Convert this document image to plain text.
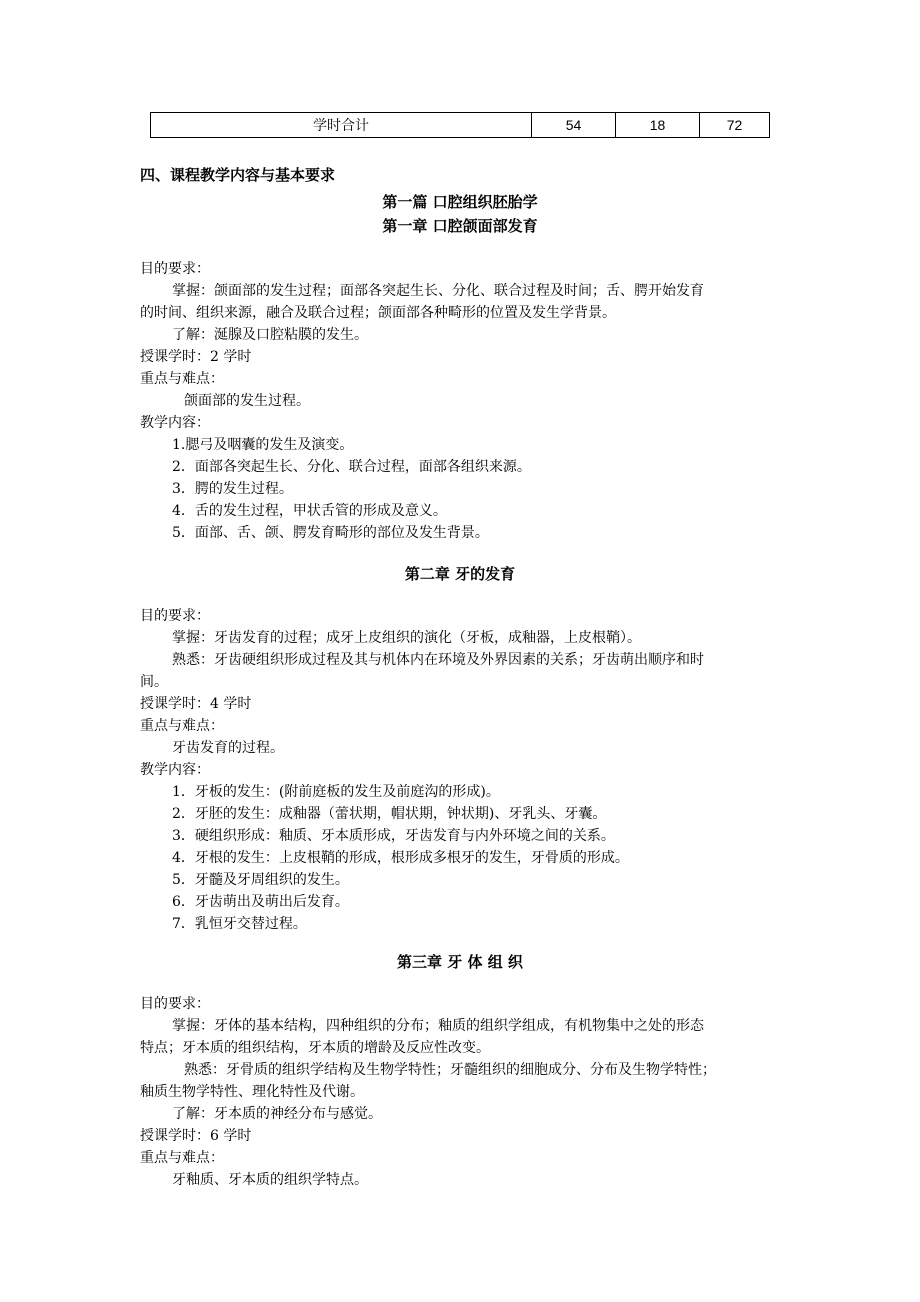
学时合计	54	18	72
四、课程教学内容与基本要求
第一篇 口腔组织胚胎学
第一章 口腔颌面部发育
目的要求：
掌握：颌面部的发生过程；面部各突起生长、分化、联合过程及时间；舌、腭开始发育
的时间、组织来源，融合及联合过程；颌面部各种畸形的位置及发生学背景。
了解：涎腺及口腔粘膜的发生。
授课学时：2 学时
重点与难点：
颌面部的发生过程。
教学内容：
1.腮弓及咽囊的发生及演变。
2．面部各突起生长、分化、联合过程，面部各组织来源。
3．腭的发生过程。
4．舌的发生过程，甲状舌管的形成及意义。
5．面部、舌、颌、腭发育畸形的部位及发生背景。
第二章 牙的发育
目的要求：
掌握：牙齿发育的过程；成牙上皮组织的演化（牙板，成釉器，上皮根鞘）。
熟悉：牙齿硬组织形成过程及其与机体内在环境及外界因素的关系；牙齿萌出顺序和时
间。
授课学时：4 学时
重点与难点：
牙齿发育的过程。
教学内容：
1．牙板的发生：(附前庭板的发生及前庭沟的形成)。
2．牙胚的发生：成釉器（蕾状期，帽状期，钟状期)、牙乳头、牙囊。
3．硬组织形成：釉质、牙本质形成，牙齿发育与内外环境之间的关系。
4．牙根的发生：上皮根鞘的形成，根形成多根牙的发生，牙骨质的形成。
5．牙髓及牙周组织的发生。
6．牙齿萌出及萌出后发育。
7．乳恒牙交替过程。
第三章 牙 体 组 织
目的要求：
掌握：牙体的基本结构，四种组织的分布；釉质的组织学组成，有机物集中之处的形态
特点；牙本质的组织结构，牙本质的增龄及反应性改变。
熟悉：牙骨质的组织学结构及生物学特性；牙髓组织的细胞成分、分布及生物学特性；
釉质生物学特性、理化特性及代谢。
了解：牙本质的神经分布与感觉。
授课学时：6 学时
重点与难点：
牙釉质、牙本质的组织学特点。
